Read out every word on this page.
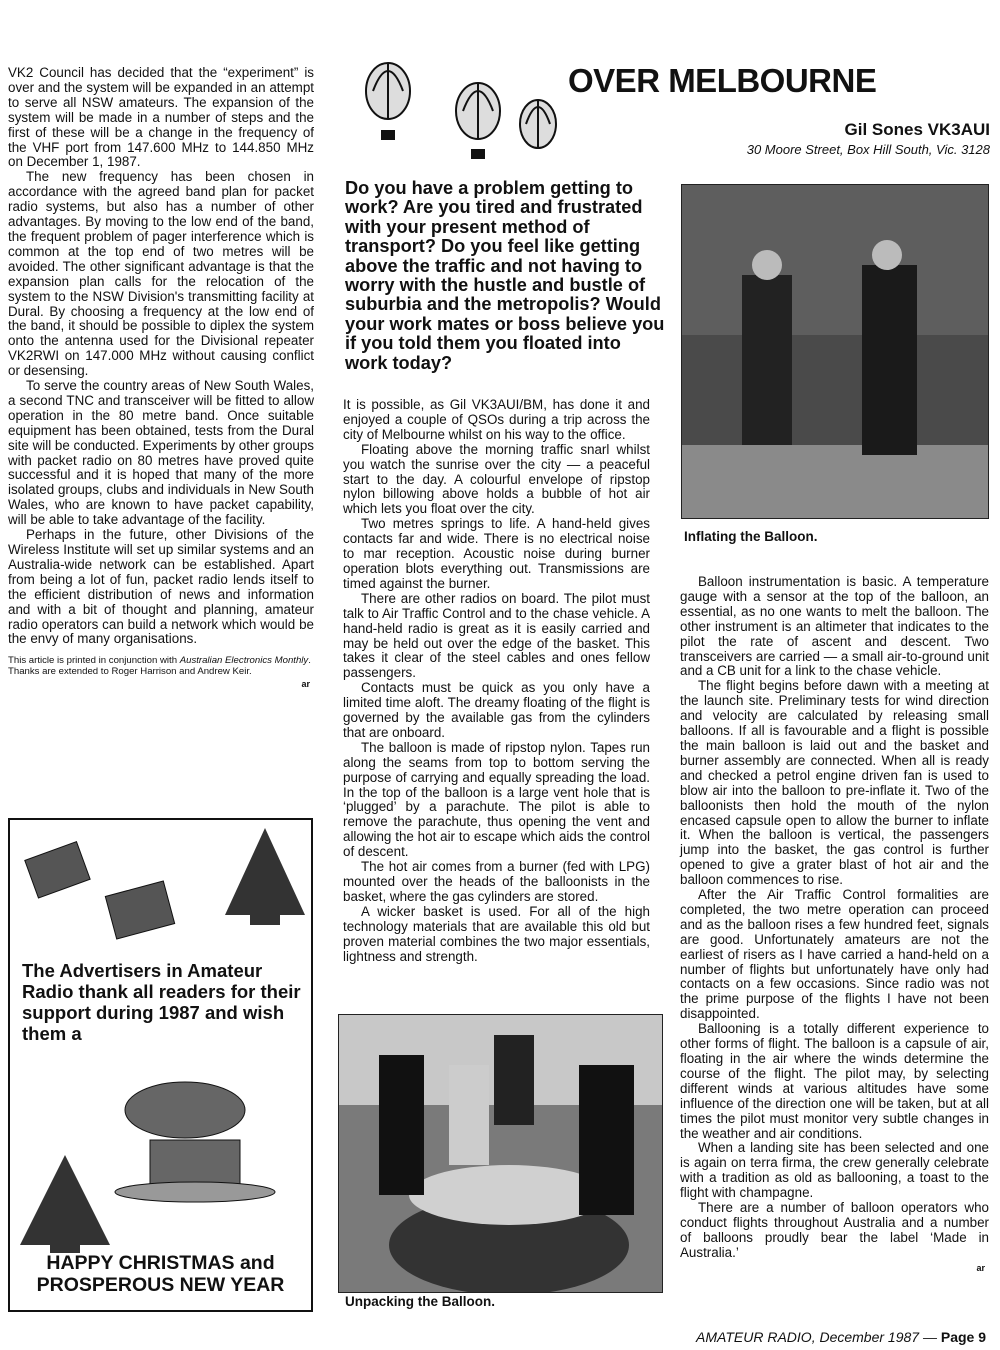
VK2 Council has decided that the “experiment” is over and the system will be expanded in an attempt to serve all NSW amateurs. The expansion of the system will be made in a number of steps and the first of these will be a change in the frequency of the VHF port from 147.600 MHz to 144.850 MHz on December 1, 1987.

The new frequency has been chosen in accordance with the agreed band plan for packet radio systems, but also has a number of other advantages. By moving to the low end of the band, the frequent problem of pager interference which is common at the top end of two metres will be avoided. The other significant advantage is that the expansion plan calls for the relocation of the system to the NSW Division's transmitting facility at Dural. By choosing a frequency at the low end of the band, it should be possible to diplex the system onto the antenna used for the Divisional repeater VK2RWI on 147.000 MHz without causing conflict or desensing.

To serve the country areas of New South Wales, a second TNC and transceiver will be fitted to allow operation in the 80 metre band. Once suitable equipment has been obtained, tests from the Dural site will be conducted. Experiments by other groups with packet radio on 80 metres have proved quite successful and it is hoped that many of the more isolated groups, clubs and individuals in New South Wales, who are known to have packet capability, will be able to take advantage of the facility.

Perhaps in the future, other Divisions of the Wireless Institute will set up similar systems and an Australia-wide network can be established. Apart from being a lot of fun, packet radio lends itself to the efficient distribution of news and information and with a bit of thought and planning, amateur radio operators can build a network which would be the envy of many organisations.

This article is printed in conjunction with Australian Electronics Monthly. Thanks are extended to Roger Harrison and Andrew Keir.
ar
The Advertisers in Amateur Radio thank all readers for their support during 1987 and wish them a
HAPPY CHRISTMAS and
PROSPEROUS NEW YEAR
OVER MELBOURNE
Gil Sones VK3AUI
30 Moore Street, Box Hill South, Vic. 3128
Do you have a problem getting to work? Are you tired and frustrated with your present method of transport? Do you feel like getting above the traffic and not having to worry with the hustle and bustle of suburbia and the metropolis? Would your work mates or boss believe you if you told them you floated into work today?

It is possible, as Gil VK3AUI/BM, has done it and enjoyed a couple of QSOs during a trip across the city of Melbourne whilst on his way to the office.

Floating above the morning traffic snarl whilst you watch the sunrise over the city — a peaceful start to the day. A colourful envelope of ripstop nylon billowing above holds a bubble of hot air which lets you float over the city.

Two metres springs to life. A hand-held gives contacts far and wide. There is no electrical noise to mar reception. Acoustic noise during burner operation blots everything out. Transmissions are timed against the burner.

There are other radios on board. The pilot must talk to Air Traffic Control and to the chase vehicle. A hand-held radio is great as it is easily carried and may be held out over the edge of the basket. This takes it clear of the steel cables and ones fellow passengers.

Contacts must be quick as you only have a limited time aloft. The dreamy floating of the flight is governed by the available gas from the cylinders that are onboard.

The balloon is made of ripstop nylon. Tapes run along the seams from top to bottom serving the purpose of carrying and equally spreading the load. In the top of the balloon is a large vent hole that is ‘plugged’ by a parachute. The pilot is able to remove the parachute, thus opening the vent and allowing the hot air to escape which aids the control of descent.

The hot air comes from a burner (fed with LPG) mounted over the heads of the balloonists in the basket, where the gas cylinders are stored.

A wicker basket is used. For all of the high technology materials that are available this old but proven material combines the two major essentials, lightness and strength.

Inflating the Balloon.

Balloon instrumentation is basic. A temperature gauge with a sensor at the top of the balloon, an essential, as no one wants to melt the balloon. The other instrument is an altimeter that indicates to the pilot the rate of ascent and descent. Two transceivers are carried — a small air-to-ground unit and a CB unit for a link to the chase vehicle.

The flight begins before dawn with a meeting at the launch site. Preliminary tests for wind direction and velocity are calculated by releasing small balloons. If all is favourable and a flight is possible the main balloon is laid out and the basket and burner assembly are connected. When all is ready and checked a petrol engine driven fan is used to blow air into the balloon to pre-inflate it. Two of the balloonists then hold the mouth of the nylon encased capsule open to allow the burner to inflate it. When the balloon is vertical, the passengers jump into the basket, the gas control is further opened to give a grater blast of hot air and the balloon commences to rise.

After the Air Traffic Control formalities are completed, the two metre operation can proceed and as the balloon rises a few hundred feet, signals are good. Unfortunately amateurs are not the earliest of risers as I have carried a hand-held on a number of flights but unfortunately have only had contacts on a few occasions. Since radio was not the prime purpose of the flights I have not been disappointed.

Ballooning is a totally different experience to other forms of flight. The balloon is a capsule of air, floating in the air where the winds determine the course of the flight. The pilot may, by selecting different winds at various altitudes have some influence of the direction one will be taken, but at all times the pilot must monitor very subtle changes in the weather and air conditions.

When a landing site has been selected and one is again on terra firma, the crew generally celebrate with a tradition as old as ballooning, a toast to the flight with champagne.

There are a number of balloon operators who conduct flights throughout Australia and a number of balloons proudly bear the label ‘Made in Australia.’

ar
Unpacking the Balloon.
AMATEUR RADIO, December 1987 — Page 9
